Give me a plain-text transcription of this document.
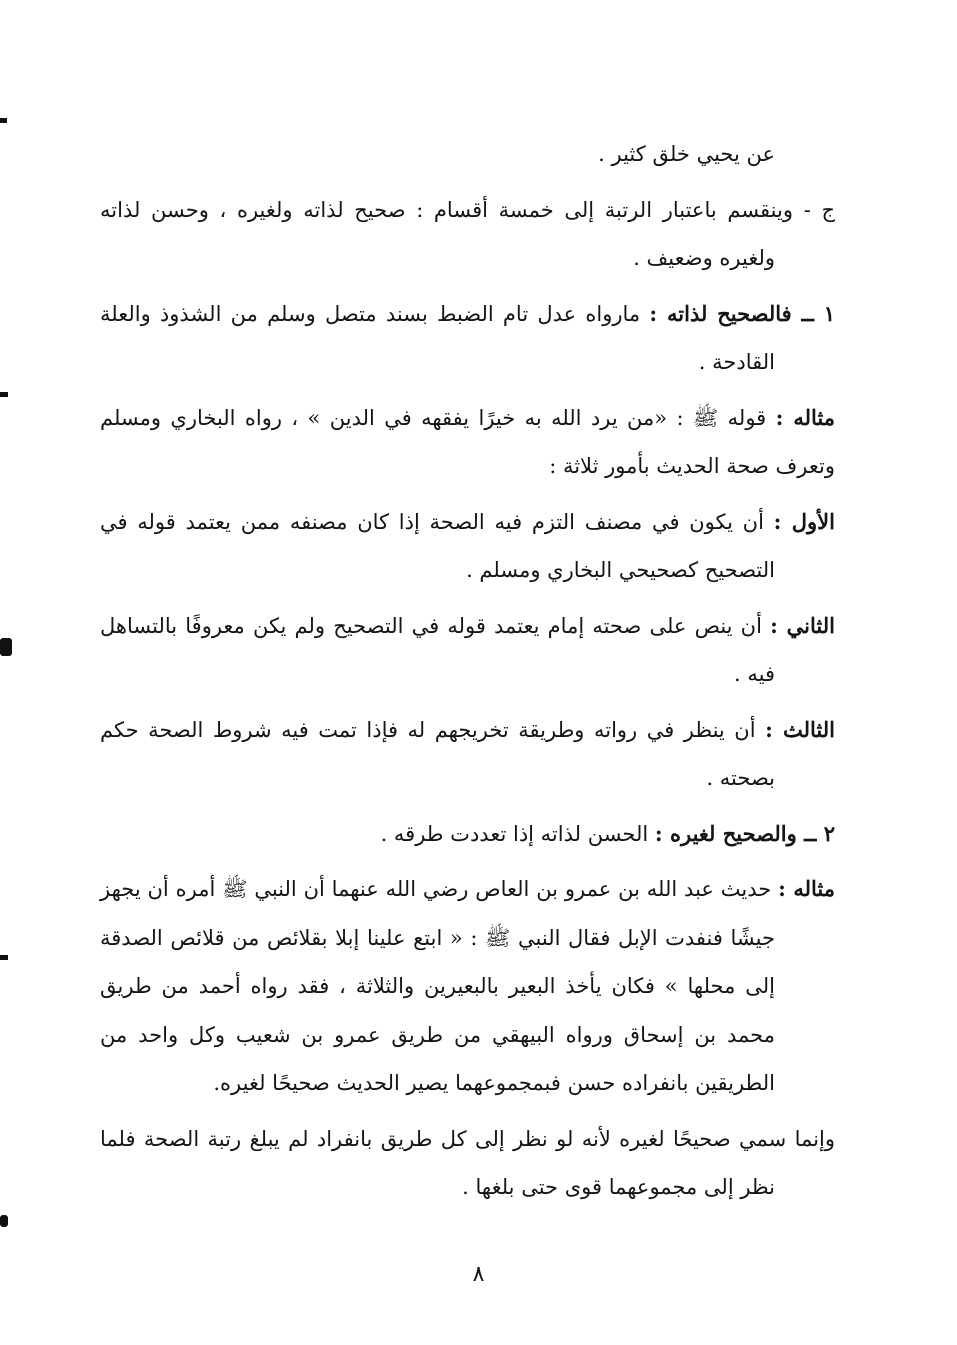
عن يحيي خلق كثير .

ج - وينقسم باعتبار الرتبة إلى خمسة أقسام : صحيح لذاته ولغيره ، وحسن لذاته ولغيره وضعيف .

١ ــ فالصحيح لذاته : مارواه عدل تام الضبط بسند متصل وسلم من الشذوذ والعلة القادحة .

مثاله : قوله ﷺ : «من يرد الله به خيرًا يفقهه في الدين » ، رواه البخاري ومسلم وتعرف صحة الحديث بأمور ثلاثة :

الأول : أن يكون في مصنف التزم فيه الصحة إذا كان مصنفه ممن يعتمد قوله في التصحيح كصحيحي البخاري ومسلم .

الثاني : أن ينص على صحته إمام يعتمد قوله في التصحيح ولم يكن معروفًا بالتساهل فيه .

الثالث : أن ينظر في رواته وطريقة تخريجهم له فإذا تمت فيه شروط الصحة حكم بصحته .

٢ ــ والصحيح لغيره : الحسن لذاته إذا تعددت طرقه .

مثاله : حديث عبد الله بن عمرو بن العاص رضي الله عنهما أن النبي ﷺ أمره أن يجهز جيشًا فنفدت الإبل فقال النبي ﷺ : « ابتع علينا إبلا بقلائص من قلائص الصدقة إلى محلها » فكان يأخذ البعير بالبعيرين والثلاثة ، فقد رواه أحمد من طريق محمد بن إسحاق ورواه البيهقي من طريق عمرو بن شعيب وكل واحد من الطريقين بانفراده حسن فبمجموعهما يصير الحديث صحيحًا لغيره.

وإنما سمي صحيحًا لغيره لأنه لو نظر إلى كل طريق بانفراد لم يبلغ رتبة الصحة فلما نظر إلى مجموعهما قوى حتى بلغها .

٨
